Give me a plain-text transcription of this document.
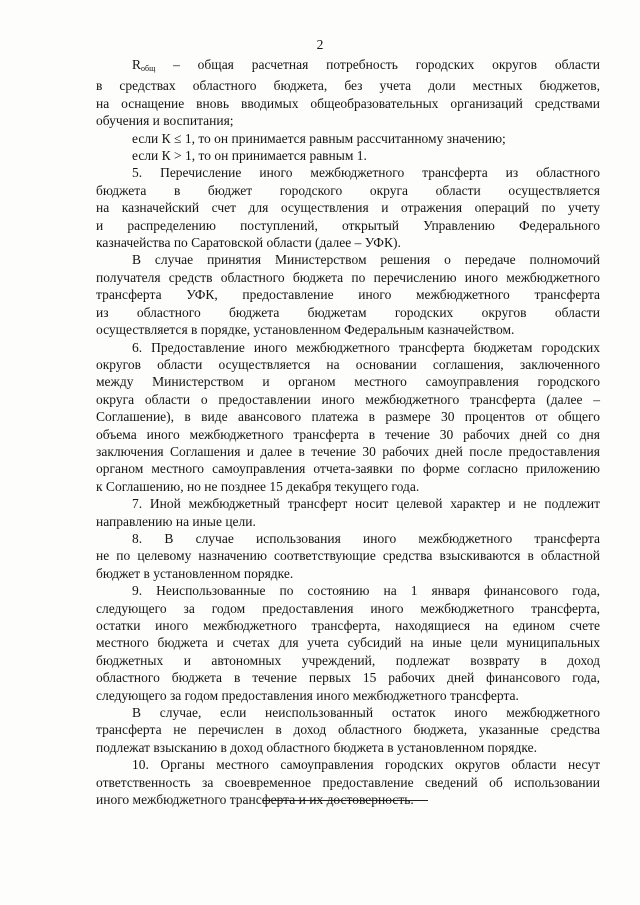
2
$R_{общ}$ – общая расчетная потребность городских округов области
в средствах областного бюджета, без учета доли местных бюджетов,
на оснащение вновь вводимых общеобразовательных организаций средствами
обучения и воспитания;
если К ≤ 1, то он принимается равным рассчитанному значению;
если К > 1, то он принимается равным 1.
5. Перечисление иного межбюджетного трансферта из областного
бюджета в бюджет городского округа области осуществляется
на казначейский счет для осуществления и отражения операций по учету
и распределению поступлений, открытый Управлению Федерального
казначейства по Саратовской области (далее – УФК).
В случае принятия Министерством решения о передаче полномочий
получателя средств областного бюджета по перечислению иного межбюджетного
трансферта УФК, предоставление иного межбюджетного трансферта
из областного бюджета бюджетам городских округов области
осуществляется в порядке, установленном Федеральным казначейством.
6. Предоставление иного межбюджетного трансферта бюджетам городских
округов области осуществляется на основании соглашения, заключенного
между Министерством и органом местного самоуправления городского
округа области о предоставлении иного межбюджетного трансферта (далее –
Соглашение), в виде авансового платежа в размере 30 процентов от общего
объема иного межбюджетного трансферта в течение 30 рабочих дней со дня
заключения Соглашения и далее в течение 30 рабочих дней после предоставления
органом местного самоуправления отчета-заявки по форме согласно приложению
к Соглашению, но не позднее 15 декабря текущего года.
7. Иной межбюджетный трансферт носит целевой характер и не подлежит
направлению на иные цели.
8. В случае использования иного межбюджетного трансферта
не по целевому назначению соответствующие средства взыскиваются в областной
бюджет в установленном порядке.
9. Неиспользованные по состоянию на 1 января финансового года,
следующего за годом предоставления иного межбюджетного трансферта,
остатки иного межбюджетного трансферта, находящиеся на едином счете
местного бюджета и счетах для учета субсидий на иные цели муниципальных
бюджетных и автономных учреждений, подлежат возврату в доход
областного бюджета в течение первых 15 рабочих дней финансового года,
следующего за годом предоставления иного межбюджетного трансферта.
В случае, если неиспользованный остаток иного межбюджетного
трансферта не перечислен в доход областного бюджета, указанные средства
подлежат взысканию в доход областного бюджета в установленном порядке.
10. Органы местного самоуправления городских округов области несут
ответственность за своевременное предоставление сведений об использовании
иного межбюджетного трансферта и их достоверность.
